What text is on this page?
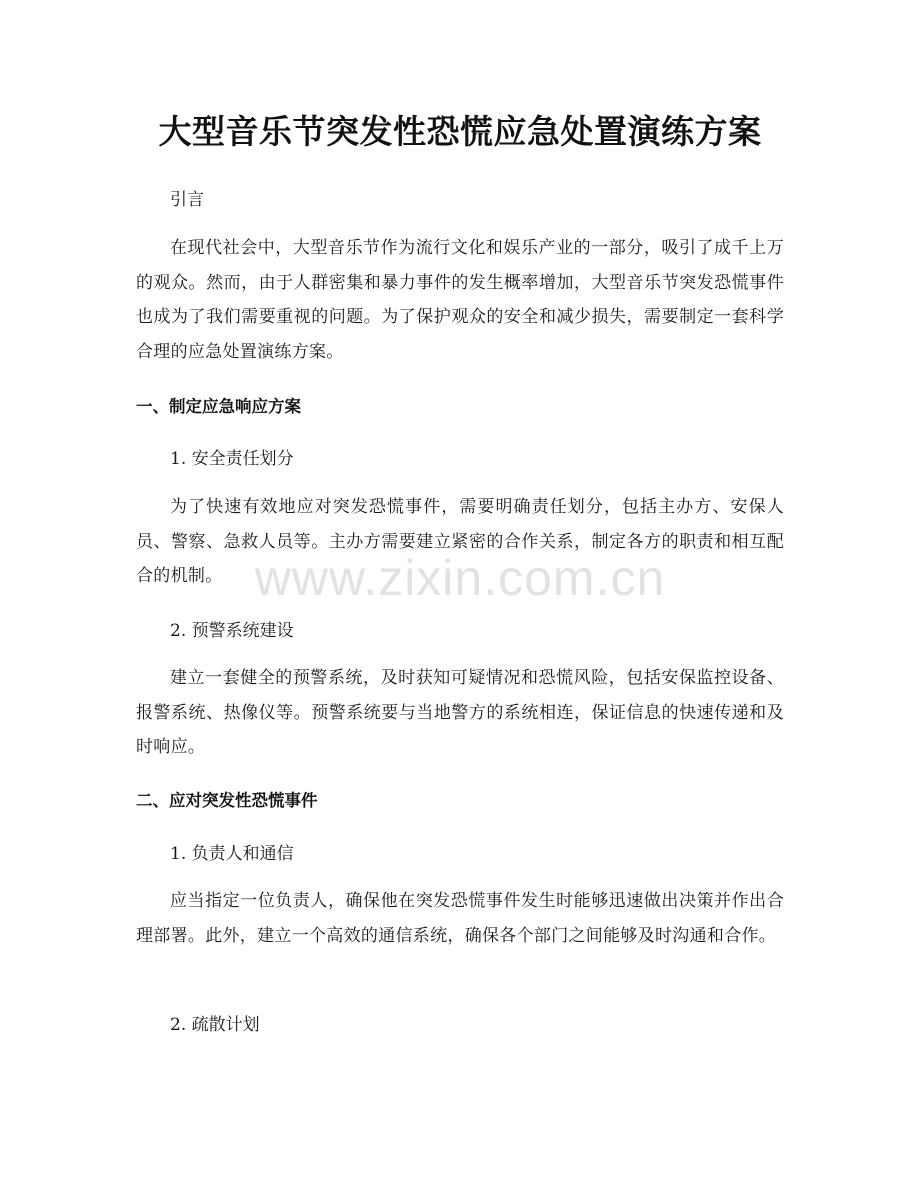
大型音乐节突发性恐慌应急处置演练方案

引言

在现代社会中，大型音乐节作为流行文化和娱乐产业的一部分，吸引了成千上万的观众。然而，由于人群密集和暴力事件的发生概率增加，大型音乐节突发恐慌事件也成为了我们需要重视的问题。为了保护观众的安全和减少损失，需要制定一套科学合理的应急处置演练方案。

一、制定应急响应方案

1. 安全责任划分

为了快速有效地应对突发恐慌事件，需要明确责任划分，包括主办方、安保人员、警察、急救人员等。主办方需要建立紧密的合作关系，制定各方的职责和相互配合的机制。

2. 预警系统建设

建立一套健全的预警系统，及时获知可疑情况和恐慌风险，包括安保监控设备、报警系统、热像仪等。预警系统要与当地警方的系统相连，保证信息的快速传递和及时响应。

二、应对突发性恐慌事件

1. 负责人和通信

应当指定一位负责人，确保他在突发恐慌事件发生时能够迅速做出决策并作出合理部署。此外，建立一个高效的通信系统，确保各个部门之间能够及时沟通和合作。

2. 疏散计划

www.zixin.com.cn
